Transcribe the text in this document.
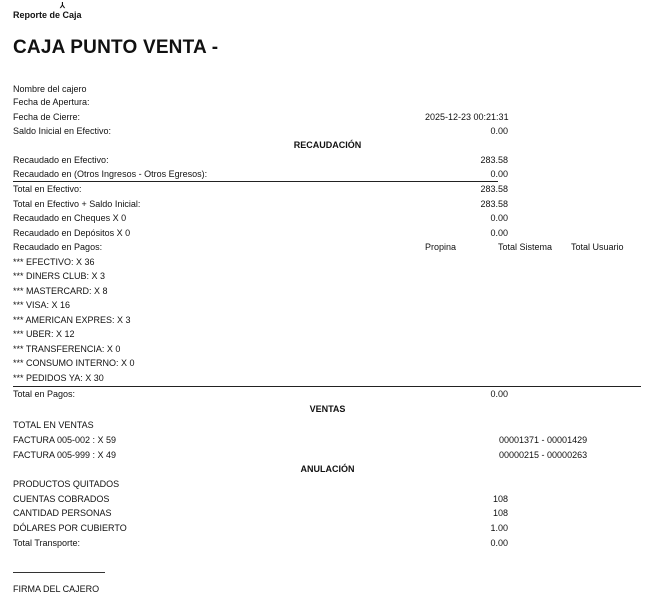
⅄
Reporte de Caja
CAJA PUNTO VENTA -
Nombre del cajero
Fecha de Apertura:
Fecha de Cierre:	2025-12-23 00:21:31
Saldo Inicial en Efectivo:	0.00
RECAUDACIÓN
Recaudado en Efectivo:	283.58
Recaudado en (Otros Ingresos - Otros Egresos):	0.00
Total en Efectivo:	283.58
Total en Efectivo + Saldo Inicial:	283.58
Recaudado en Cheques X 0	0.00
Recaudado en Depósitos X 0	0.00
Recaudado en Pagos:	Propina	Total Sistema Total Usuario
*** EFECTIVO: X 36
*** DINERS CLUB: X 3
*** MASTERCARD: X 8
*** VISA: X 16
*** AMERICAN EXPRES: X 3
*** UBER: X 12
*** TRANSFERENCIA: X 0
*** CONSUMO INTERNO: X 0
*** PEDIDOS YA: X 30
Total en Pagos:	0.00
VENTAS
TOTAL EN VENTAS
FACTURA 005-002 : X 59	00001371 - 00001429
FACTURA 005-999 : X 49	00000215 - 00000263
ANULACIÓN
PRODUCTOS QUITADOS
CUENTAS COBRADOS	108
CANTIDAD PERSONAS	108
DÓLARES POR CUBIERTO	1.00
Total Transporte:	0.00
FIRMA DEL CAJERO
